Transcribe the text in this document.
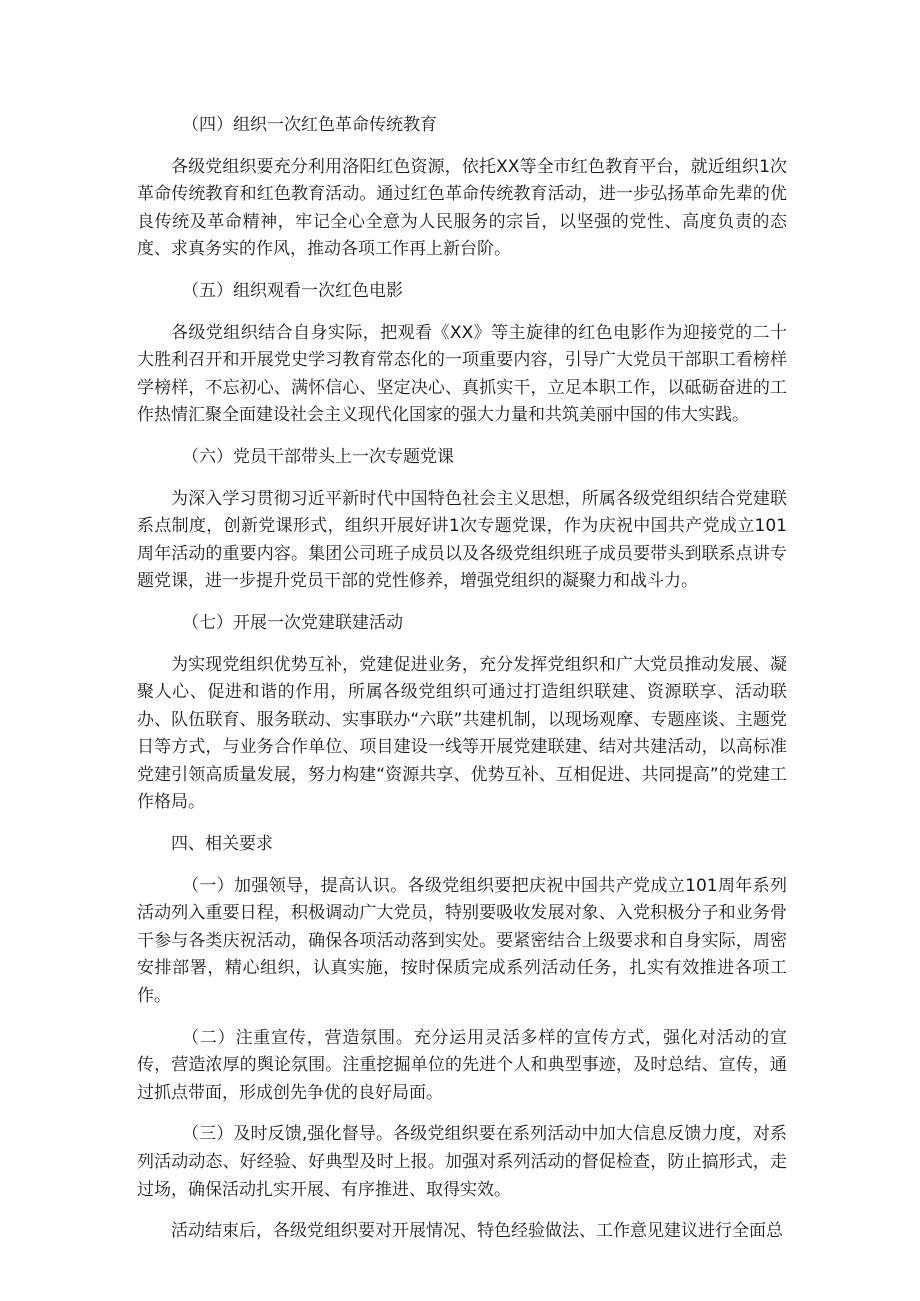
（四）组织一次红色革命传统教育

各级党组织要充分利用洛阳红色资源，依托XX等全市红色教育平台，就近组织1次革命传统教育和红色教育活动。通过红色革命传统教育活动，进一步弘扬革命先辈的优良传统及革命精神，牢记全心全意为人民服务的宗旨，以坚强的党性、高度负责的态度、求真务实的作风，推动各项工作再上新台阶。

（五）组织观看一次红色电影

各级党组织结合自身实际，把观看《XX》等主旋律的红色电影作为迎接党的二十大胜利召开和开展党史学习教育常态化的一项重要内容，引导广大党员干部职工看榜样学榜样，不忘初心、满怀信心、坚定决心、真抓实干，立足本职工作，以砥砺奋进的工作热情汇聚全面建设社会主义现代化国家的强大力量和共筑美丽中国的伟大实践。

（六）党员干部带头上一次专题党课

为深入学习贯彻习近平新时代中国特色社会主义思想，所属各级党组织结合党建联系点制度，创新党课形式，组织开展好讲1次专题党课，作为庆祝中国共产党成立101周年活动的重要内容。集团公司班子成员以及各级党组织班子成员要带头到联系点讲专题党课，进一步提升党员干部的党性修养，增强党组织的凝聚力和战斗力。

（七）开展一次党建联建活动

为实现党组织优势互补，党建促进业务，充分发挥党组织和广大党员推动发展、凝聚人心、促进和谐的作用，所属各级党组织可通过打造组织联建、资源联享、活动联办、队伍联育、服务联动、实事联办“六联”共建机制，以现场观摩、专题座谈、主题党日等方式，与业务合作单位、项目建设一线等开展党建联建、结对共建活动，以高标准党建引领高质量发展，努力构建“资源共享、优势互补、互相促进、共同提高”的党建工作格局。

四、相关要求

（一）加强领导，提高认识。各级党组织要把庆祝中国共产党成立101周年系列活动列入重要日程，积极调动广大党员，特别要吸收发展对象、入党积极分子和业务骨干参与各类庆祝活动，确保各项活动落到实处。要紧密结合上级要求和自身实际，周密安排部署，精心组织，认真实施，按时保质完成系列活动任务，扎实有效推进各项工作。

（二）注重宣传，营造氛围。充分运用灵活多样的宣传方式，强化对活动的宣传，营造浓厚的舆论氛围。注重挖掘单位的先进个人和典型事迹，及时总结、宣传，通过抓点带面，形成创先争优的良好局面。

（三）及时反馈,强化督导。各级党组织要在系列活动中加大信息反馈力度，对系列活动动态、好经验、好典型及时上报。加强对系列活动的督促检查，防止搞形式，走过场，确保活动扎实开展、有序推进、取得实效。

活动结束后，各级党组织要对开展情况、特色经验做法、工作意见建议进行全面总
